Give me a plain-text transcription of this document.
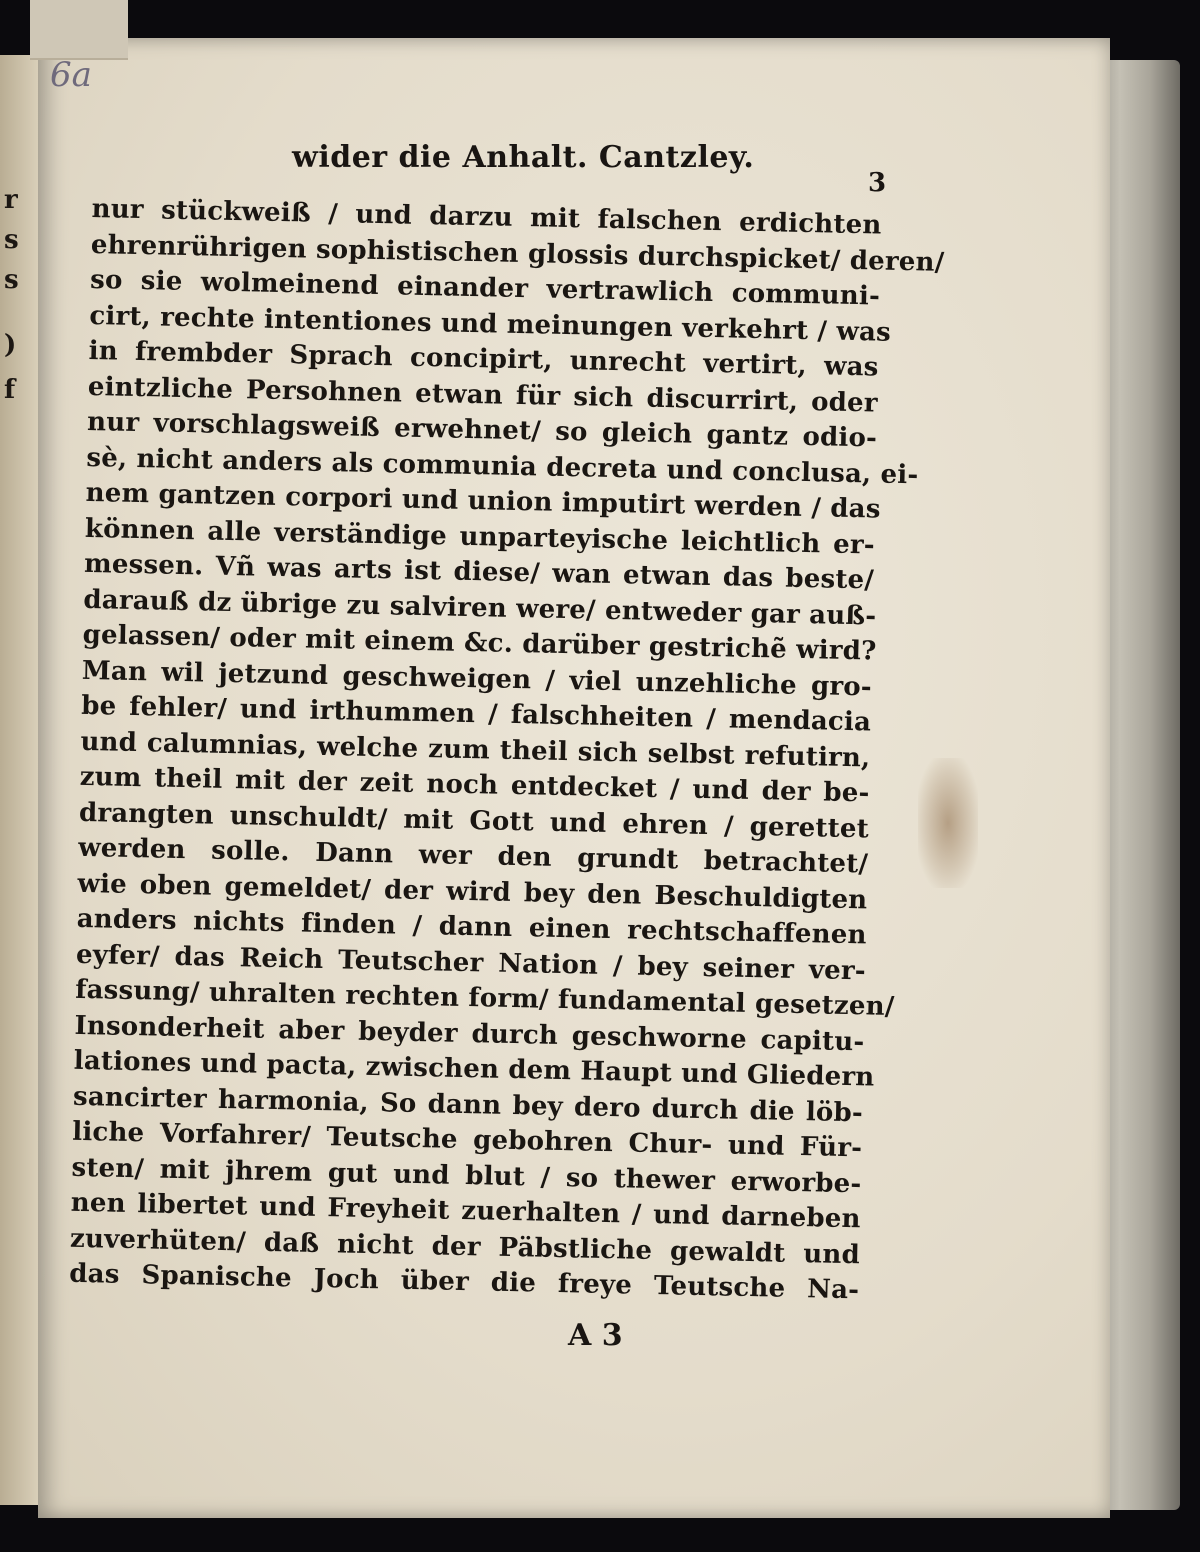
r
s
s
)
f
6a
wider die Anhalt. Cantzley.
3
nur stückweiß / und darzu mit falschen erdichten
ehrenrührigen sophistischen glossis durchspicket/ deren/
so sie wolmeinend einander vertrawlich communi-
cirt, rechte intentiones und meinungen verkehrt / was
in frembder Sprach concipirt, unrecht vertirt, was
eintzliche Persohnen etwan für sich discurrirt, oder
nur vorschlagsweiß erwehnet/ so gleich gantz odio-
sè, nicht anders als communia decreta und conclusa, ei-
nem gantzen corpori und union imputirt werden / das
können alle verständige unparteyische leichtlich er-
messen. Vñ was arts ist diese/ wan etwan das beste/
darauß dz übrige zu salviren were/ entweder gar auß-
gelassen/ oder mit einem &c. darüber gestrichẽ wird?
Man wil jetzund geschweigen / viel unzehliche gro-
be fehler/ und irthummen / falschheiten / mendacia
und calumnias, welche zum theil sich selbst refutirn,
zum theil mit der zeit noch entdecket / und der be-
drangten unschuldt/ mit Gott und ehren / gerettet
werden solle. Dann wer den grundt betrachtet/
wie oben gemeldet/ der wird bey den Beschuldigten
anders nichts finden / dann einen rechtschaffenen
eyfer/ das Reich Teutscher Nation / bey seiner ver-
fassung/ uhralten rechten form/ fundamental gesetzen/
Insonderheit aber beyder durch geschworne capitu-
lationes und pacta, zwischen dem Haupt und Gliedern
sancirter harmonia, So dann bey dero durch die löb-
liche Vorfahrer/ Teutsche gebohren Chur- und Für-
sten/ mit jhrem gut und blut / so thewer erworbe-
nen libertet und Freyheit zuerhalten / und darneben
zuverhüten/ daß nicht der Päbstliche gewaldt und
das Spanische Joch über die freye Teutsche Na-
A 3
